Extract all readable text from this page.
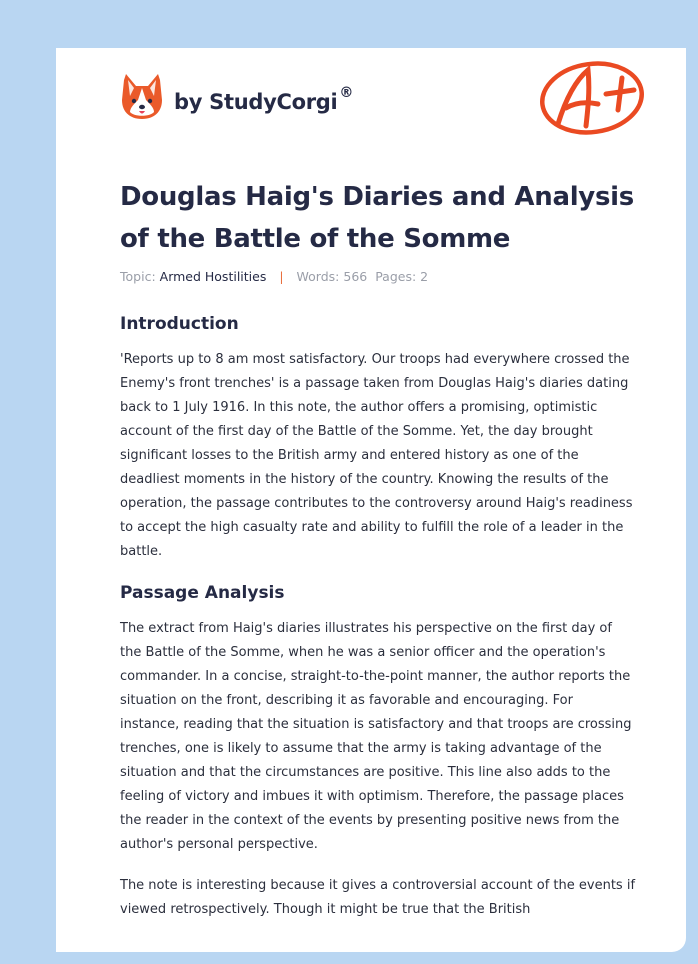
by StudyCorgi ®
Douglas Haig's Diaries and Analysis of the Battle of the Somme
Topic: Armed Hostilities | Words: 566 Pages: 2
Introduction

'Reports up to 8 am most satisfactory. Our troops had everywhere crossed the Enemy's front trenches' is a passage taken from Douglas Haig's diaries dating back to 1 July 1916. In this note, the author offers a promising, optimistic account of the first day of the Battle of the Somme. Yet, the day brought significant losses to the British army and entered history as one of the deadliest moments in the history of the country. Knowing the results of the operation, the passage contributes to the controversy around Haig's readiness to accept the high casualty rate and ability to fulfill the role of a leader in the battle.

Passage Analysis

The extract from Haig's diaries illustrates his perspective on the first day of the Battle of the Somme, when he was a senior officer and the operation's commander. In a concise, straight-to-the-point manner, the author reports the situation on the front, describing it as favorable and encouraging. For instance, reading that the situation is satisfactory and that troops are crossing trenches, one is likely to assume that the army is taking advantage of the situation and that the circumstances are positive. This line also adds to the feeling of victory and imbues it with optimism. Therefore, the passage places the reader in the context of the events by presenting positive news from the author's personal perspective.

The note is interesting because it gives a controversial account of the events if viewed retrospectively. Though it might be true that the British
